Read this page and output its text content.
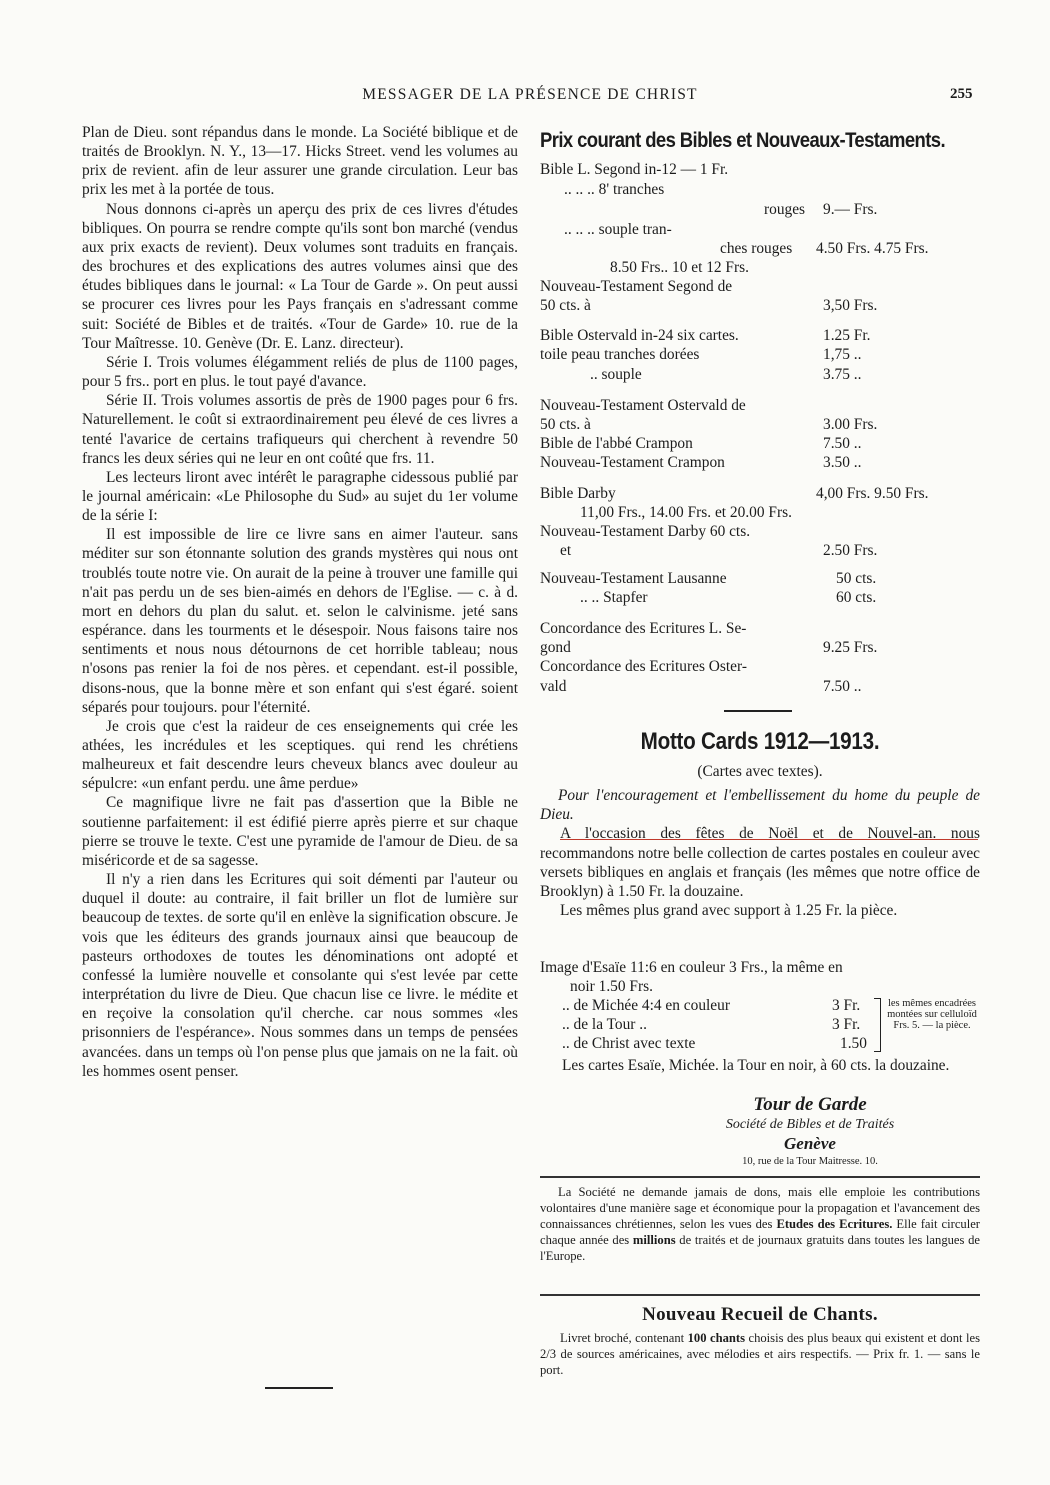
MESSAGER DE LA PRÉSENCE DE CHRIST	255

Plan de Dieu. sont répandus dans le monde. La Société biblique et de traités de Brooklyn. N. Y., 13—17. Hicks Street. vend les volumes au prix de revient. afin de leur assurer une grande circulation. Leur bas prix les met à la portée de tous.

Nous donnons ci-après un aperçu des prix de ces livres d'études bibliques. On pourra se rendre compte qu'ils sont bon marché (vendus aux prix exacts de revient). Deux volumes sont traduits en français. des brochures et des explications des autres volumes ainsi que des études bibliques dans le journal: « La Tour de Garde ». On peut aussi se procurer ces livres pour les Pays français en s'adressant comme suit: Société de Bibles et de traités. «Tour de Garde» 10. rue de la Tour Maîtresse. 10. Genève (Dr. E. Lanz. directeur).

Série I. Trois volumes élégamment reliés de plus de 1100 pages, pour 5 frs.. port en plus. le tout payé d'avance.

Série II. Trois volumes assortis de près de 1900 pages pour 6 frs. Naturellement. le coût si extraordinairement peu élevé de ces livres a tenté l'avarice de certains trafiqueurs qui cherchent à revendre 50 francs les deux séries qui ne leur en ont coûté que frs. 11.

Les lecteurs liront avec intérêt le paragraphe cidessous publié par le journal américain: «Le Philosophe du Sud» au sujet du 1er volume de la série I:

Il est impossible de lire ce livre sans en aimer l'auteur. sans méditer sur son étonnante solution des grands mystères qui nous ont troublés toute notre vie. On aurait de la peine à trouver une famille qui n'ait pas perdu un de ses bien-aimés en dehors de l'Eglise. — c. à d. mort en dehors du plan du salut. et. selon le calvinisme. jeté sans espérance. dans les tourments et le désespoir. Nous faisons taire nos sentiments et nous nous détournons de cet horrible tableau; nous n'osons pas renier la foi de nos pères. et cependant. est-il possible, disons-nous, que la bonne mère et son enfant qui s'est égaré. soient séparés pour toujours. pour l'éternité.

Je crois que c'est la raideur de ces enseignements qui crée les athées, les incrédules et les sceptiques. qui rend les chrétiens malheureux et fait descendre leurs cheveux blancs avec douleur au sépulcre: «un enfant perdu. une âme perdue»

Ce magnifique livre ne fait pas d'assertion que la Bible ne soutienne parfaitement: il est édifié pierre après pierre et sur chaque pierre se trouve le texte. C'est une pyramide de l'amour de Dieu. de sa miséricorde et de sa sagesse.

Il n'y a rien dans les Ecritures qui soit démenti par l'auteur ou duquel il doute: au contraire, il fait briller un flot de lumière sur beaucoup de textes. de sorte qu'il en enlève la signification obscure. Je vois que les éditeurs des grands journaux ainsi que beaucoup de pasteurs orthodoxes de toutes les dénominations ont adopté et confessé la lumière nouvelle et consolante qui s'est levée par cette interprétation du livre de Dieu. Que chacun lise ce livre. le médite et en reçoive la consolation qu'il cherche. car nous sommes «les prisonniers de l'espérance». Nous sommes dans un temps de pensées avancées. dans un temps où l'on pense plus que jamais on ne la fait. où les hommes osent penser.

Prix courant des Bibles et Nouveaux-Testaments.
Bible L. Segond in-12 — 1 Fr.
.. .. .. 8' tranches
rouges 9.— Frs.
.. .. .. souple tran-
ches rouges 4.50 Frs. 4.75 Frs.
8.50 Frs.. 10 et 12 Frs.
Nouveau-Testament Segond de
50 cts. à	3,50 Frs.
Bible Ostervald in-24 six cartes.	1.25 Fr.
toile peau tranches dorées	1,75 ..
.. souple	3.75 ..
Nouveau-Testament Ostervald de
50 cts. à	3.00 Frs.
Bible de l'abbé Crampon	7.50 ..
Nouveau-Testament Crampon	3.50 ..
Bible Darby	4,00 Frs. 9.50 Frs.
11,00 Frs., 14.00 Frs. et 20.00 Frs.
Nouveau-Testament Darby 60 cts.
et	2.50 Frs.
Nouveau-Testament Lausanne	50 cts.
.. .. Stapfer	60 cts.
Concordance des Ecritures L. Se-
gond	9.25 Frs.
Concordance des Ecritures Oster-
vald	7.50 ..
Motto Cards 1912—1913.
(Cartes avec textes).

Pour l'encouragement et l'embellissement du home du peuple de Dieu.

A l'occasion des fêtes de Noël et de Nouvel-an. nous recommandons notre belle collection de cartes postales en couleur avec versets bibliques en anglais et français (les mêmes que notre office de Brooklyn) à 1.50 Fr. la douzaine.

Les mêmes plus grand avec support à 1.25 Fr. la pièce.

Image d'Esaïe 11:6 en couleur 3 Frs., la même en
noir 1.50 Frs.
.. de Michée 4:4 en couleur	3 Fr.
.. de la Tour ..	3 Fr.
.. de Christ avec texte	1.50
les mêmes encadrées montées sur celluloïd Frs. 5. — la pièce.

Les cartes Esaïe, Michée. la Tour en noir, à 60 cts. la douzaine.

Tour de Garde
Société de Bibles et de Traités
Genève
10, rue de la Tour Maitresse. 10.
La Société ne demande jamais de dons, mais elle emploie les contributions volontaires d'une manière sage et économique pour la propagation et l'avancement des connaissances chrétiennes, selon les vues des Etudes des Ecritures. Elle fait circuler chaque année des millions de traités et de journaux gratuits dans toutes les langues de l'Europe.
Nouveau Recueil de Chants.
Livret broché, contenant 100 chants choisis des plus beaux qui existent et dont les 2/3 de sources américaines, avec mélodies et airs respectifs. — Prix fr. 1. — sans le port.
